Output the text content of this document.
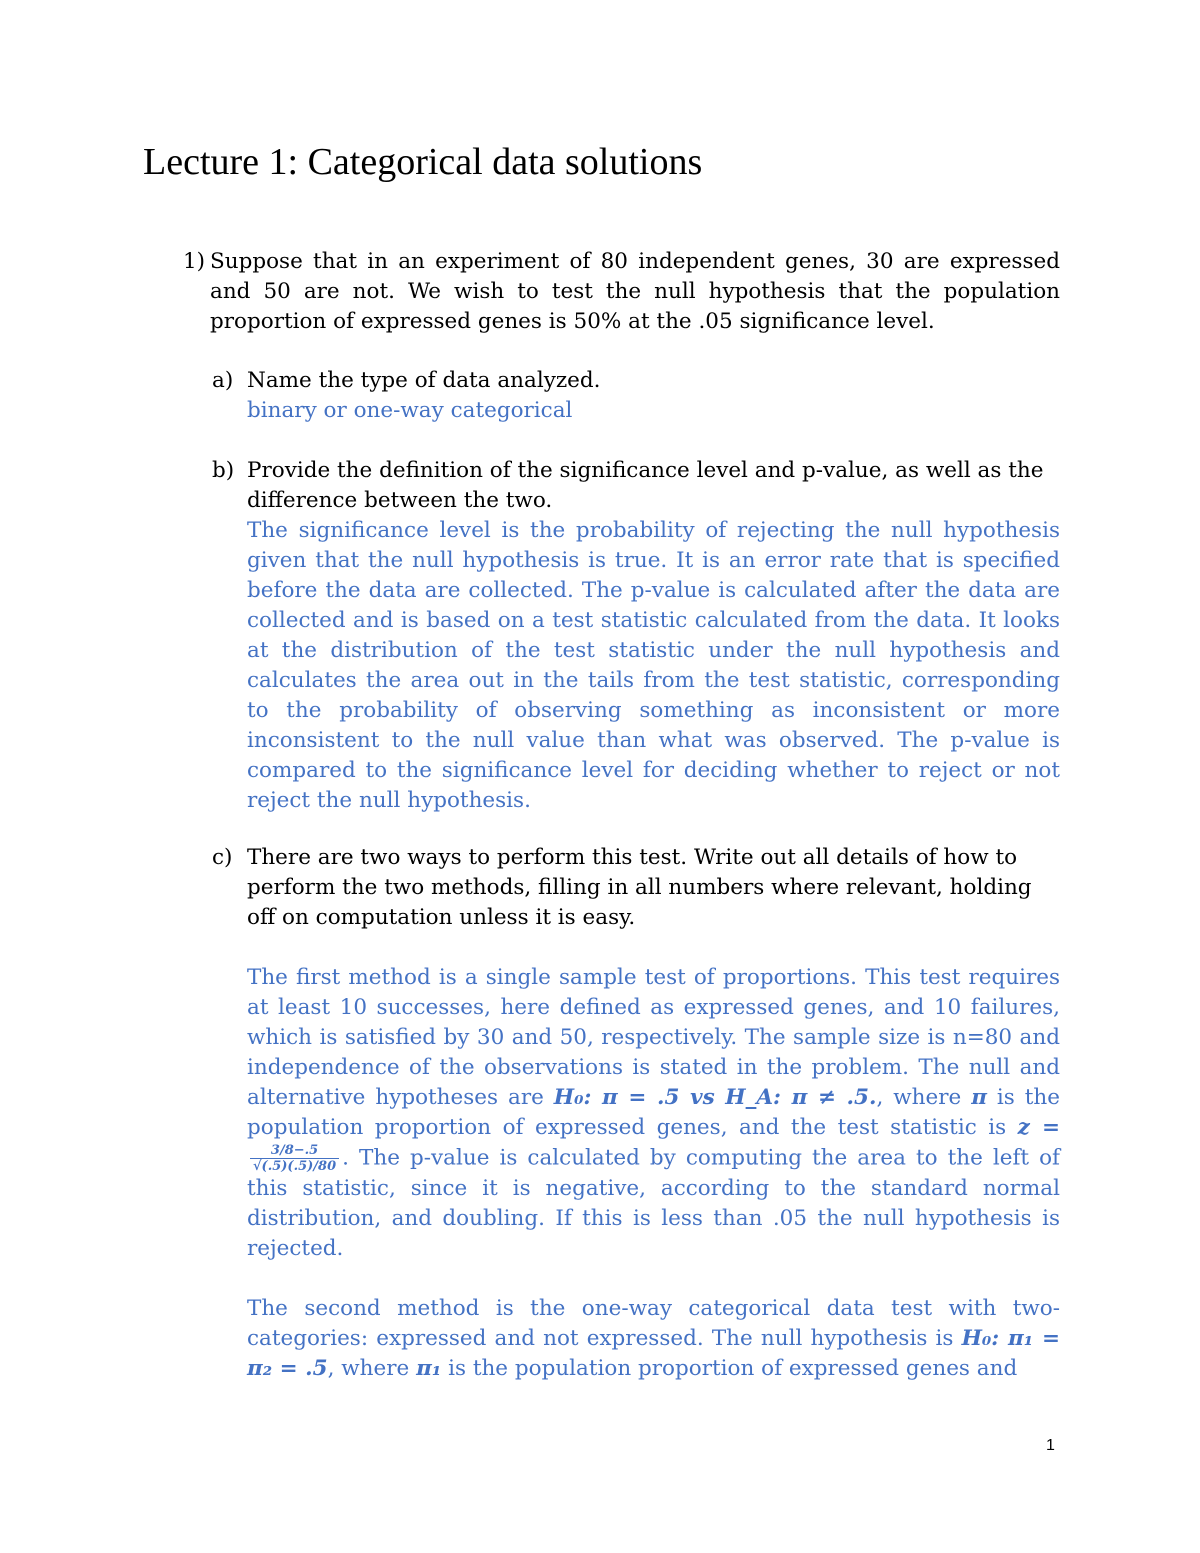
Lecture 1: Categorical data solutions
1) Suppose that in an experiment of 80 independent genes, 30 are expressed and 50 are not. We wish to test the null hypothesis that the population proportion of expressed genes is 50% at the .05 significance level.
a) Name the type of data analyzed.
binary or one-way categorical
b) Provide the definition of the significance level and p-value, as well as the difference between the two.
The significance level is the probability of rejecting the null hypothesis given that the null hypothesis is true. It is an error rate that is specified before the data are collected. The p-value is calculated after the data are collected and is based on a test statistic calculated from the data. It looks at the distribution of the test statistic under the null hypothesis and calculates the area out in the tails from the test statistic, corresponding to the probability of observing something as inconsistent or more inconsistent to the null value than what was observed. The p-value is compared to the significance level for deciding whether to reject or not reject the null hypothesis.
c) There are two ways to perform this test. Write out all details of how to perform the two methods, filling in all numbers where relevant, holding off on computation unless it is easy.
The first method is a single sample test of proportions. This test requires at least 10 successes, here defined as expressed genes, and 10 failures, which is satisfied by 30 and 50, respectively. The sample size is n=80 and independence of the observations is stated in the problem. The null and alternative hypotheses are H₀: π = .5 vs H_A: π ≠ .5., where π is the population proportion of expressed genes, and the test statistic is z =
$\frac{3/8-.5}{√(.5)(.5)/80}$ . The p-value is calculated by computing the area to the left of this statistic, since it is negative, according to the standard normal distribution, and doubling. If this is less than .05 the null hypothesis is rejected.
The second method is the one-way categorical data test with two-categories: expressed and not expressed. The null hypothesis is H₀: π₁ = π₂ = .5, where π₁ is the population proportion of expressed genes and
1
